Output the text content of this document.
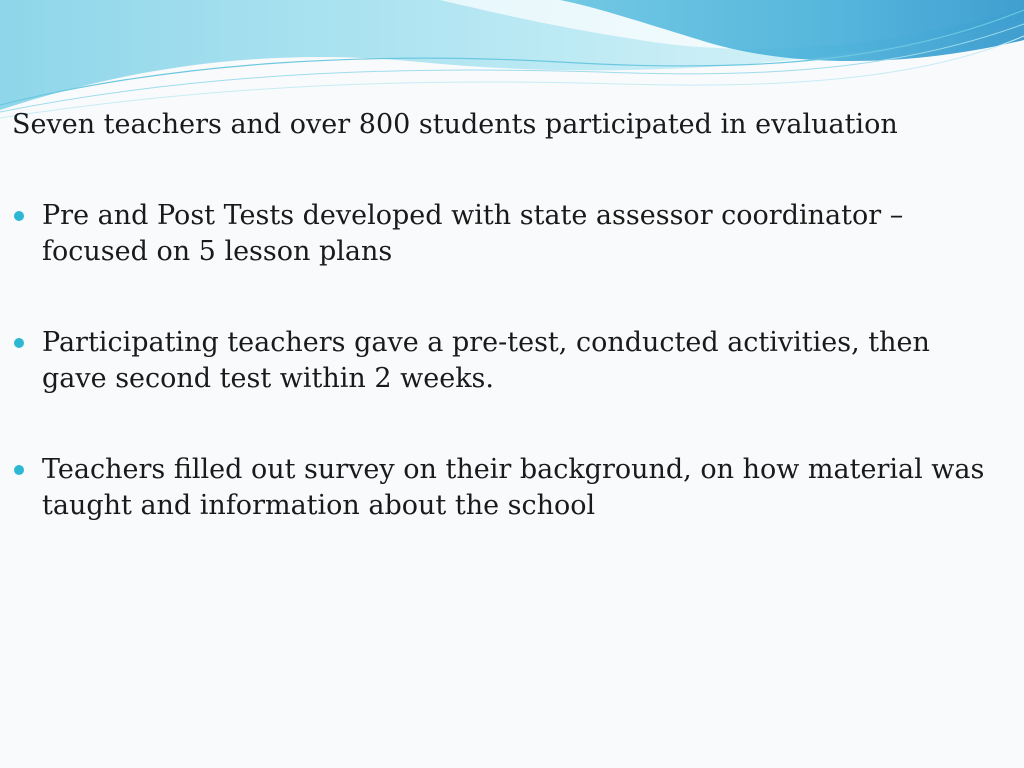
Seven teachers and over 800 students participated in evaluation
Pre and Post Tests developed with state assessor coordinator – focused on 5 lesson plans
Participating teachers gave a pre-test, conducted activities, then gave second test within 2 weeks.
Teachers filled out survey on their background, on how material was taught and information about the school
